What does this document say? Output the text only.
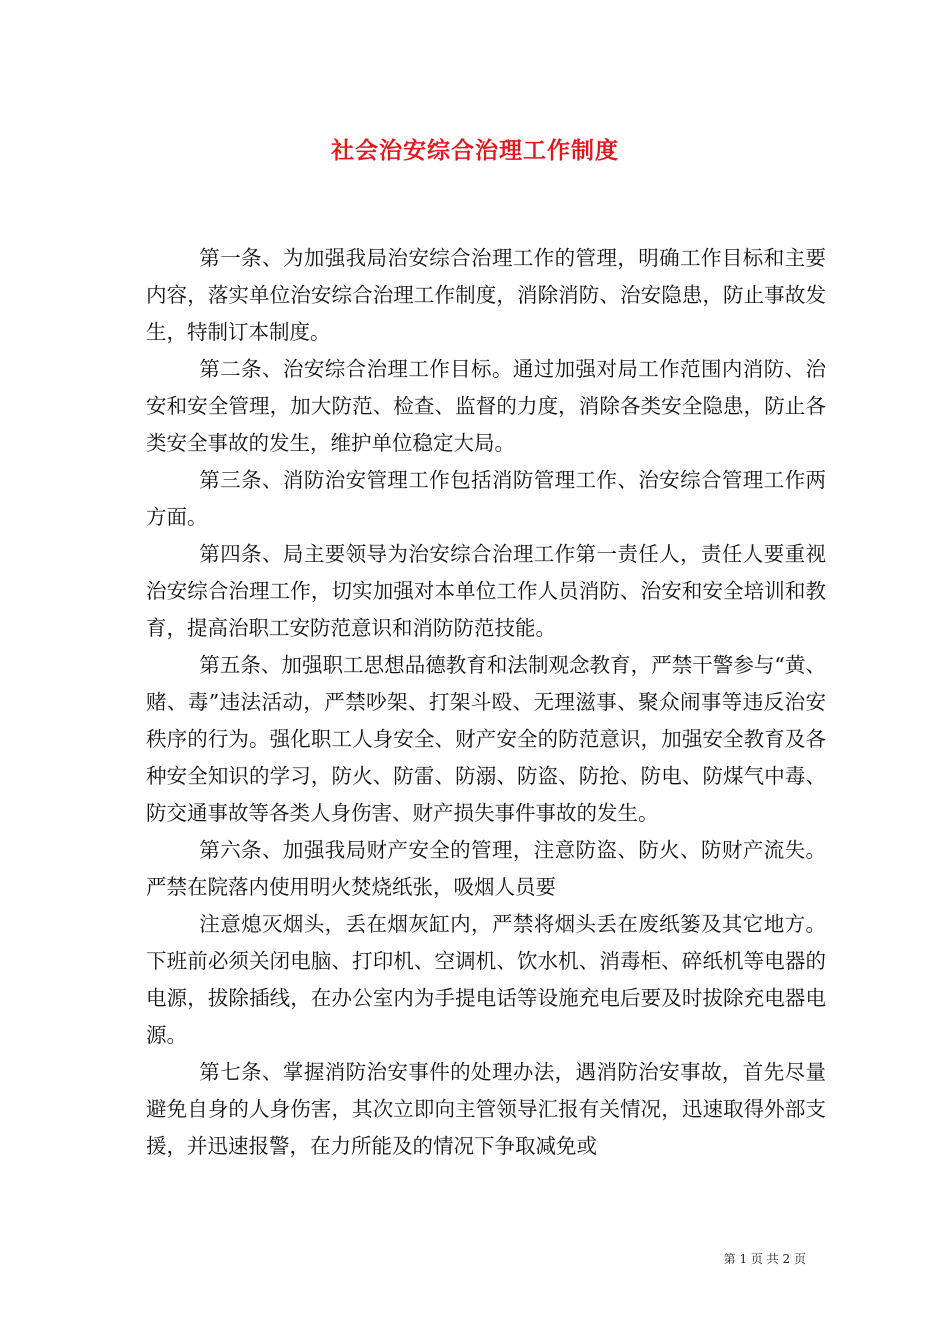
社会治安综合治理工作制度

第一条、为加强我局治安综合治理工作的管理，明确工作目标和主要内容，落实单位治安综合治理工作制度，消除消防、治安隐患，防止事故发生，特制订本制度。

第二条、治安综合治理工作目标。通过加强对局工作范围内消防、治安和安全管理，加大防范、检查、监督的力度，消除各类安全隐患，防止各类安全事故的发生，维护单位稳定大局。

第三条、消防治安管理工作包括消防管理工作、治安综合管理工作两方面。

第四条、局主要领导为治安综合治理工作第一责任人，责任人要重视治安综合治理工作，切实加强对本单位工作人员消防、治安和安全培训和教育，提高治职工安防范意识和消防防范技能。

第五条、加强职工思想品德教育和法制观念教育，严禁干警参与“黄、赌、毒”违法活动，严禁吵架、打架斗殴、无理滋事、聚众闹事等违反治安秩序的行为。强化职工人身安全、财产安全的防范意识，加强安全教育及各种安全知识的学习，防火、防雷、防溺、防盗、防抢、防电、防煤气中毒、防交通事故等各类人身伤害、财产损失事件事故的发生。

第六条、加强我局财产安全的管理，注意防盗、防火、防财产流失。严禁在院落内使用明火焚烧纸张，吸烟人员要

注意熄灭烟头，丢在烟灰缸内，严禁将烟头丢在废纸篓及其它地方。下班前必须关闭电脑、打印机、空调机、饮水机、消毒柜、碎纸机等电器的电源，拔除插线，在办公室内为手提电话等设施充电后要及时拔除充电器电源。

第七条、掌握消防治安事件的处理办法，遇消防治安事故，首先尽量避免自身的人身伤害，其次立即向主管领导汇报有关情况，迅速取得外部支援，并迅速报警，在力所能及的情况下争取减免或

第 1 页 共 2 页
